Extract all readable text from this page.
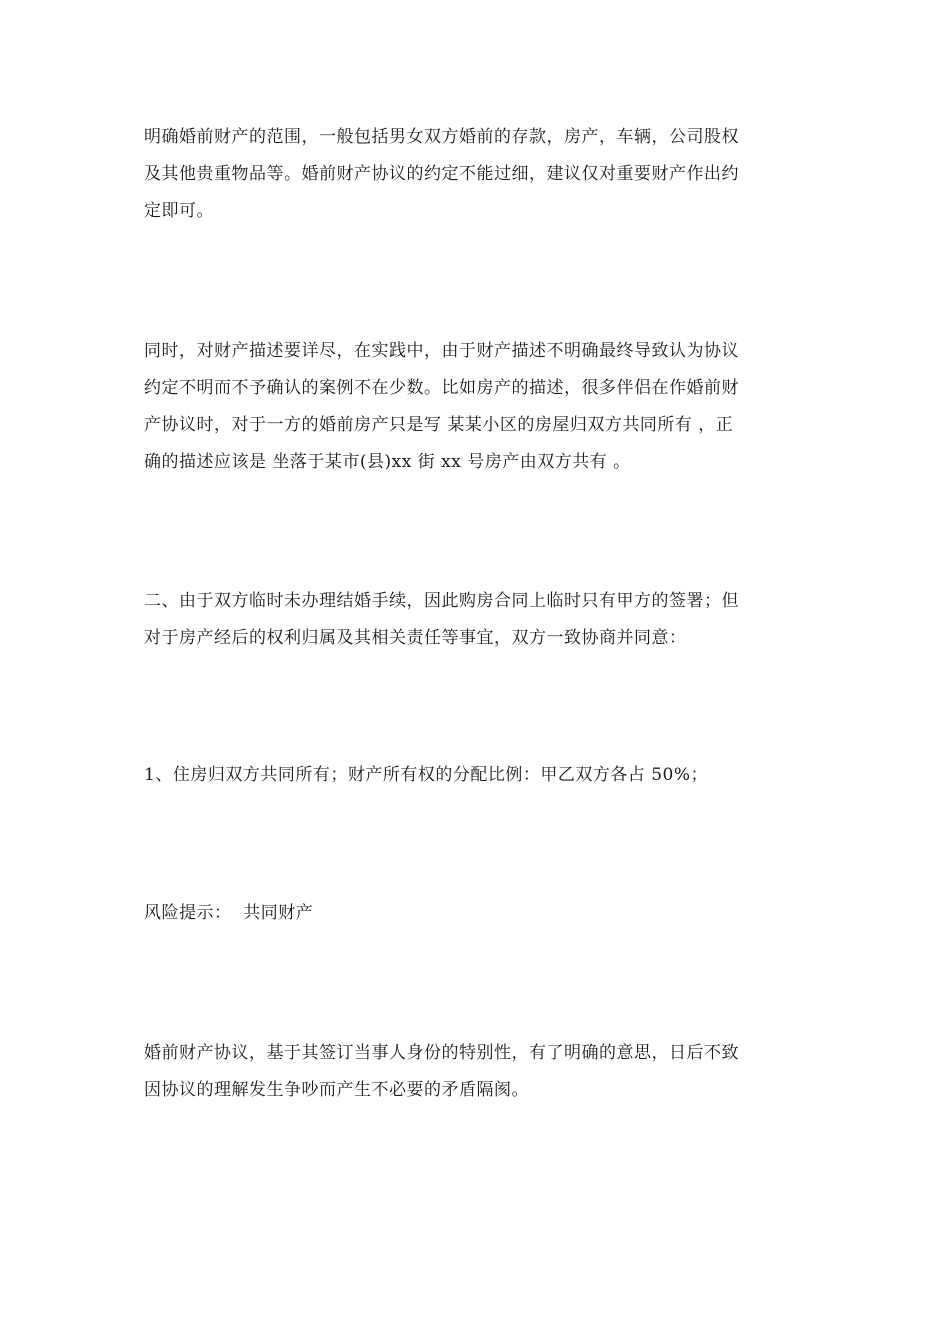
明确婚前财产的范围，一般包括男女双方婚前的存款，房产，车辆，公司股权
及其他贵重物品等。婚前财产协议的约定不能过细，建议仅对重要财产作出约
定即可。

同时，对财产描述要详尽，在实践中，由于财产描述不明确最终导致认为协议
约定不明而不予确认的案例不在少数。比如房产的描述，很多伴侣在作婚前财
产协议时，对于一方的婚前房产只是写 某某小区的房屋归双方共同所有 ，正
确的描述应该是 坐落于某市(县)xx 街 xx 号房产由双方共有 。

二、由于双方临时未办理结婚手续，因此购房合同上临时只有甲方的签署；但
对于房产经后的权利归属及其相关责任等事宜，双方一致协商并同意：

1、住房归双方共同所有；财产所有权的分配比例：甲乙双方各占 50%；

风险提示：  共同财产

婚前财产协议，基于其签订当事人身份的特别性，有了明确的意思，日后不致
因协议的理解发生争吵而产生不必要的矛盾隔阂。
